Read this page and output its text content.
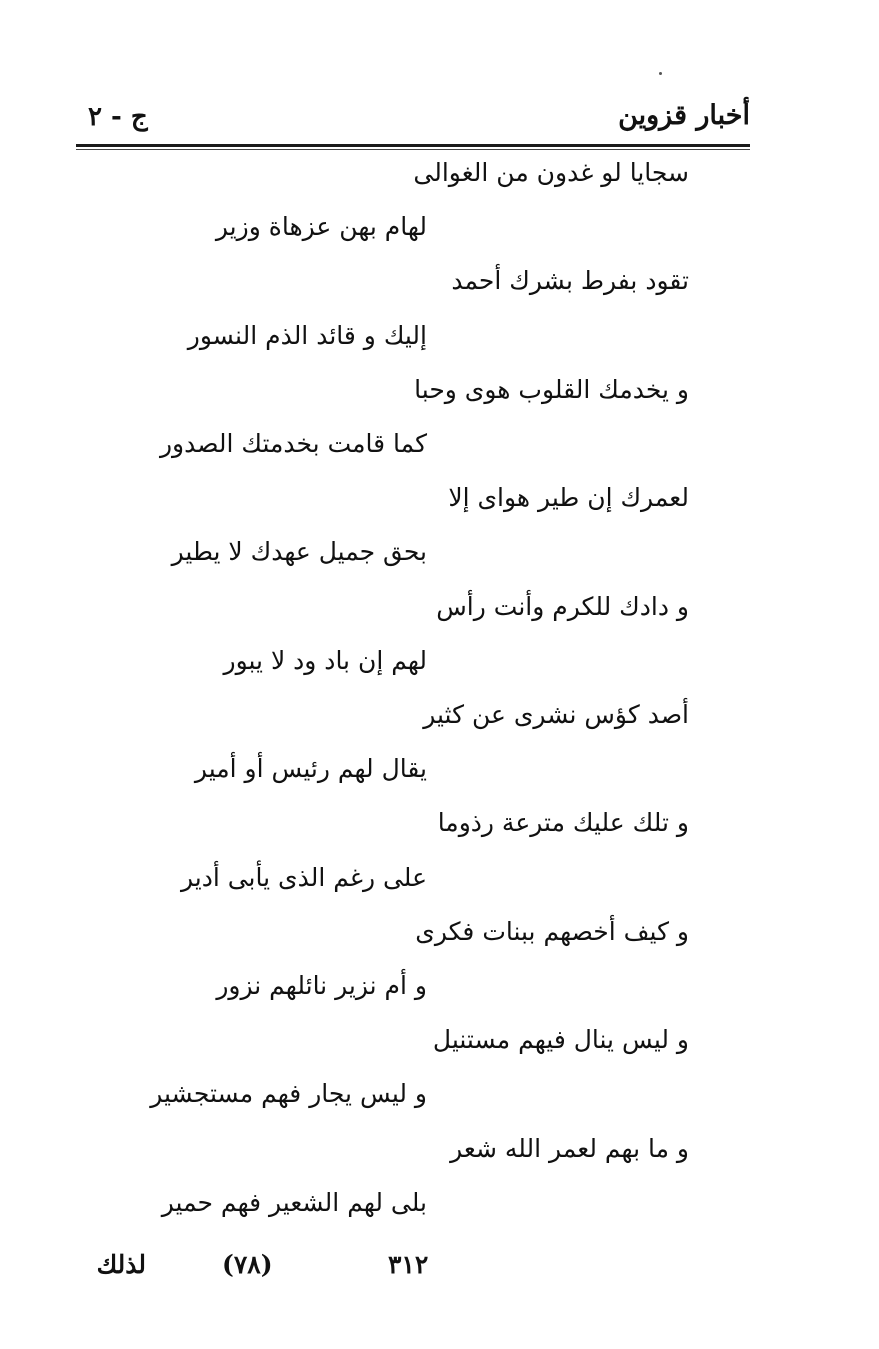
أخبار قزوين
ج - ٢
سجايا لو غدون من الغوالى
لهام بهن عزهاة وزير
تقود بفرط بشرك أحمد
إليك و قائد الذم النسور
و يخدمك القلوب هوى وحبا
كما قامت بخدمتك الصدور
لعمرك إن طير هواى إلا
بحق جميل عهدك لا يطير
و دادك للكرم وأنت رأس
لهم إن باد ود لا يبور
أصد كؤس نشرى عن كثير
يقال لهم رئيس أو أمير
و تلك عليك مترعة رذوما
على رغم الذى يأبى أدير
و كيف أخصهم ببنات فكرى
و أم نزير نائلهم نزور
و ليس ينال فيهم مستنيل
و ليس يجار فهم مستجشير
و ما بهم لعمر الله شعر
بلى لهم الشعير فهم حمير
لذلك	(٧٨)	٣١٢
